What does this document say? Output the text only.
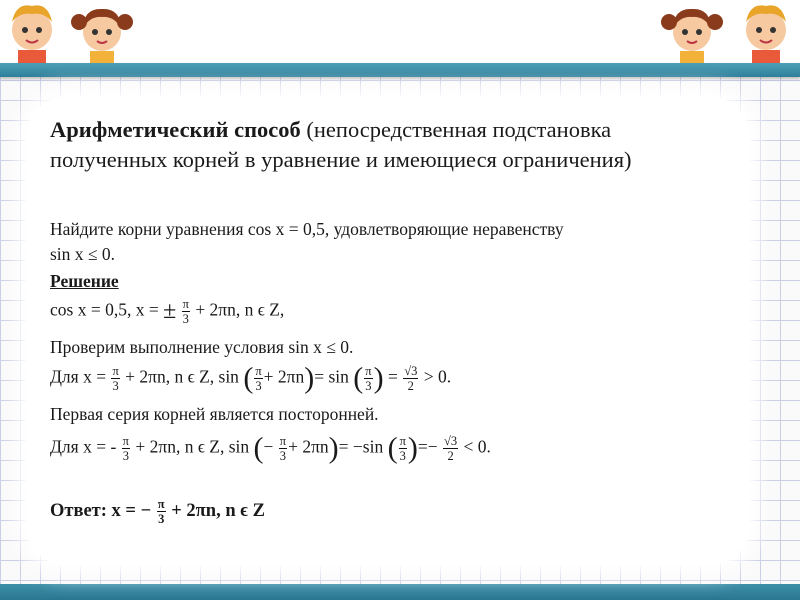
Арифметический способ (непосредственная подстановка полученных корней в уравнение и имеющиеся ограничения)
Найдите корни уравнения cos x = 0,5, удовлетворяющие неравенству
sin x ≤ 0.
Решение
cos x = 0,5, x = ± $\frac{\pi}{3} + 2\pi n$, n ϵ Z,
Проверим выполнение условия sin x ≤ 0.
Для $x = \frac{\pi}{3} + 2\pi n$, n ϵ Z, sin ( $\frac{\pi}{3} + 2\pi n)= \sin$ ( $\frac{\pi}{3}$ ) = $\frac{√3}{2} > 0$.
Первая серия корней является посторонней.
Для x = - $\frac{\pi}{3} + 2\pi n$, n ϵ Z, sin (− $\frac{\pi}{3} + 2\pi n)= -\sin$ ( $\frac{\pi}{3}$ )=− $\frac{√3}{2} < 0$.
Ответ: x = − $\frac{\pi}{3} + 2\pi n$, n ϵ Z
